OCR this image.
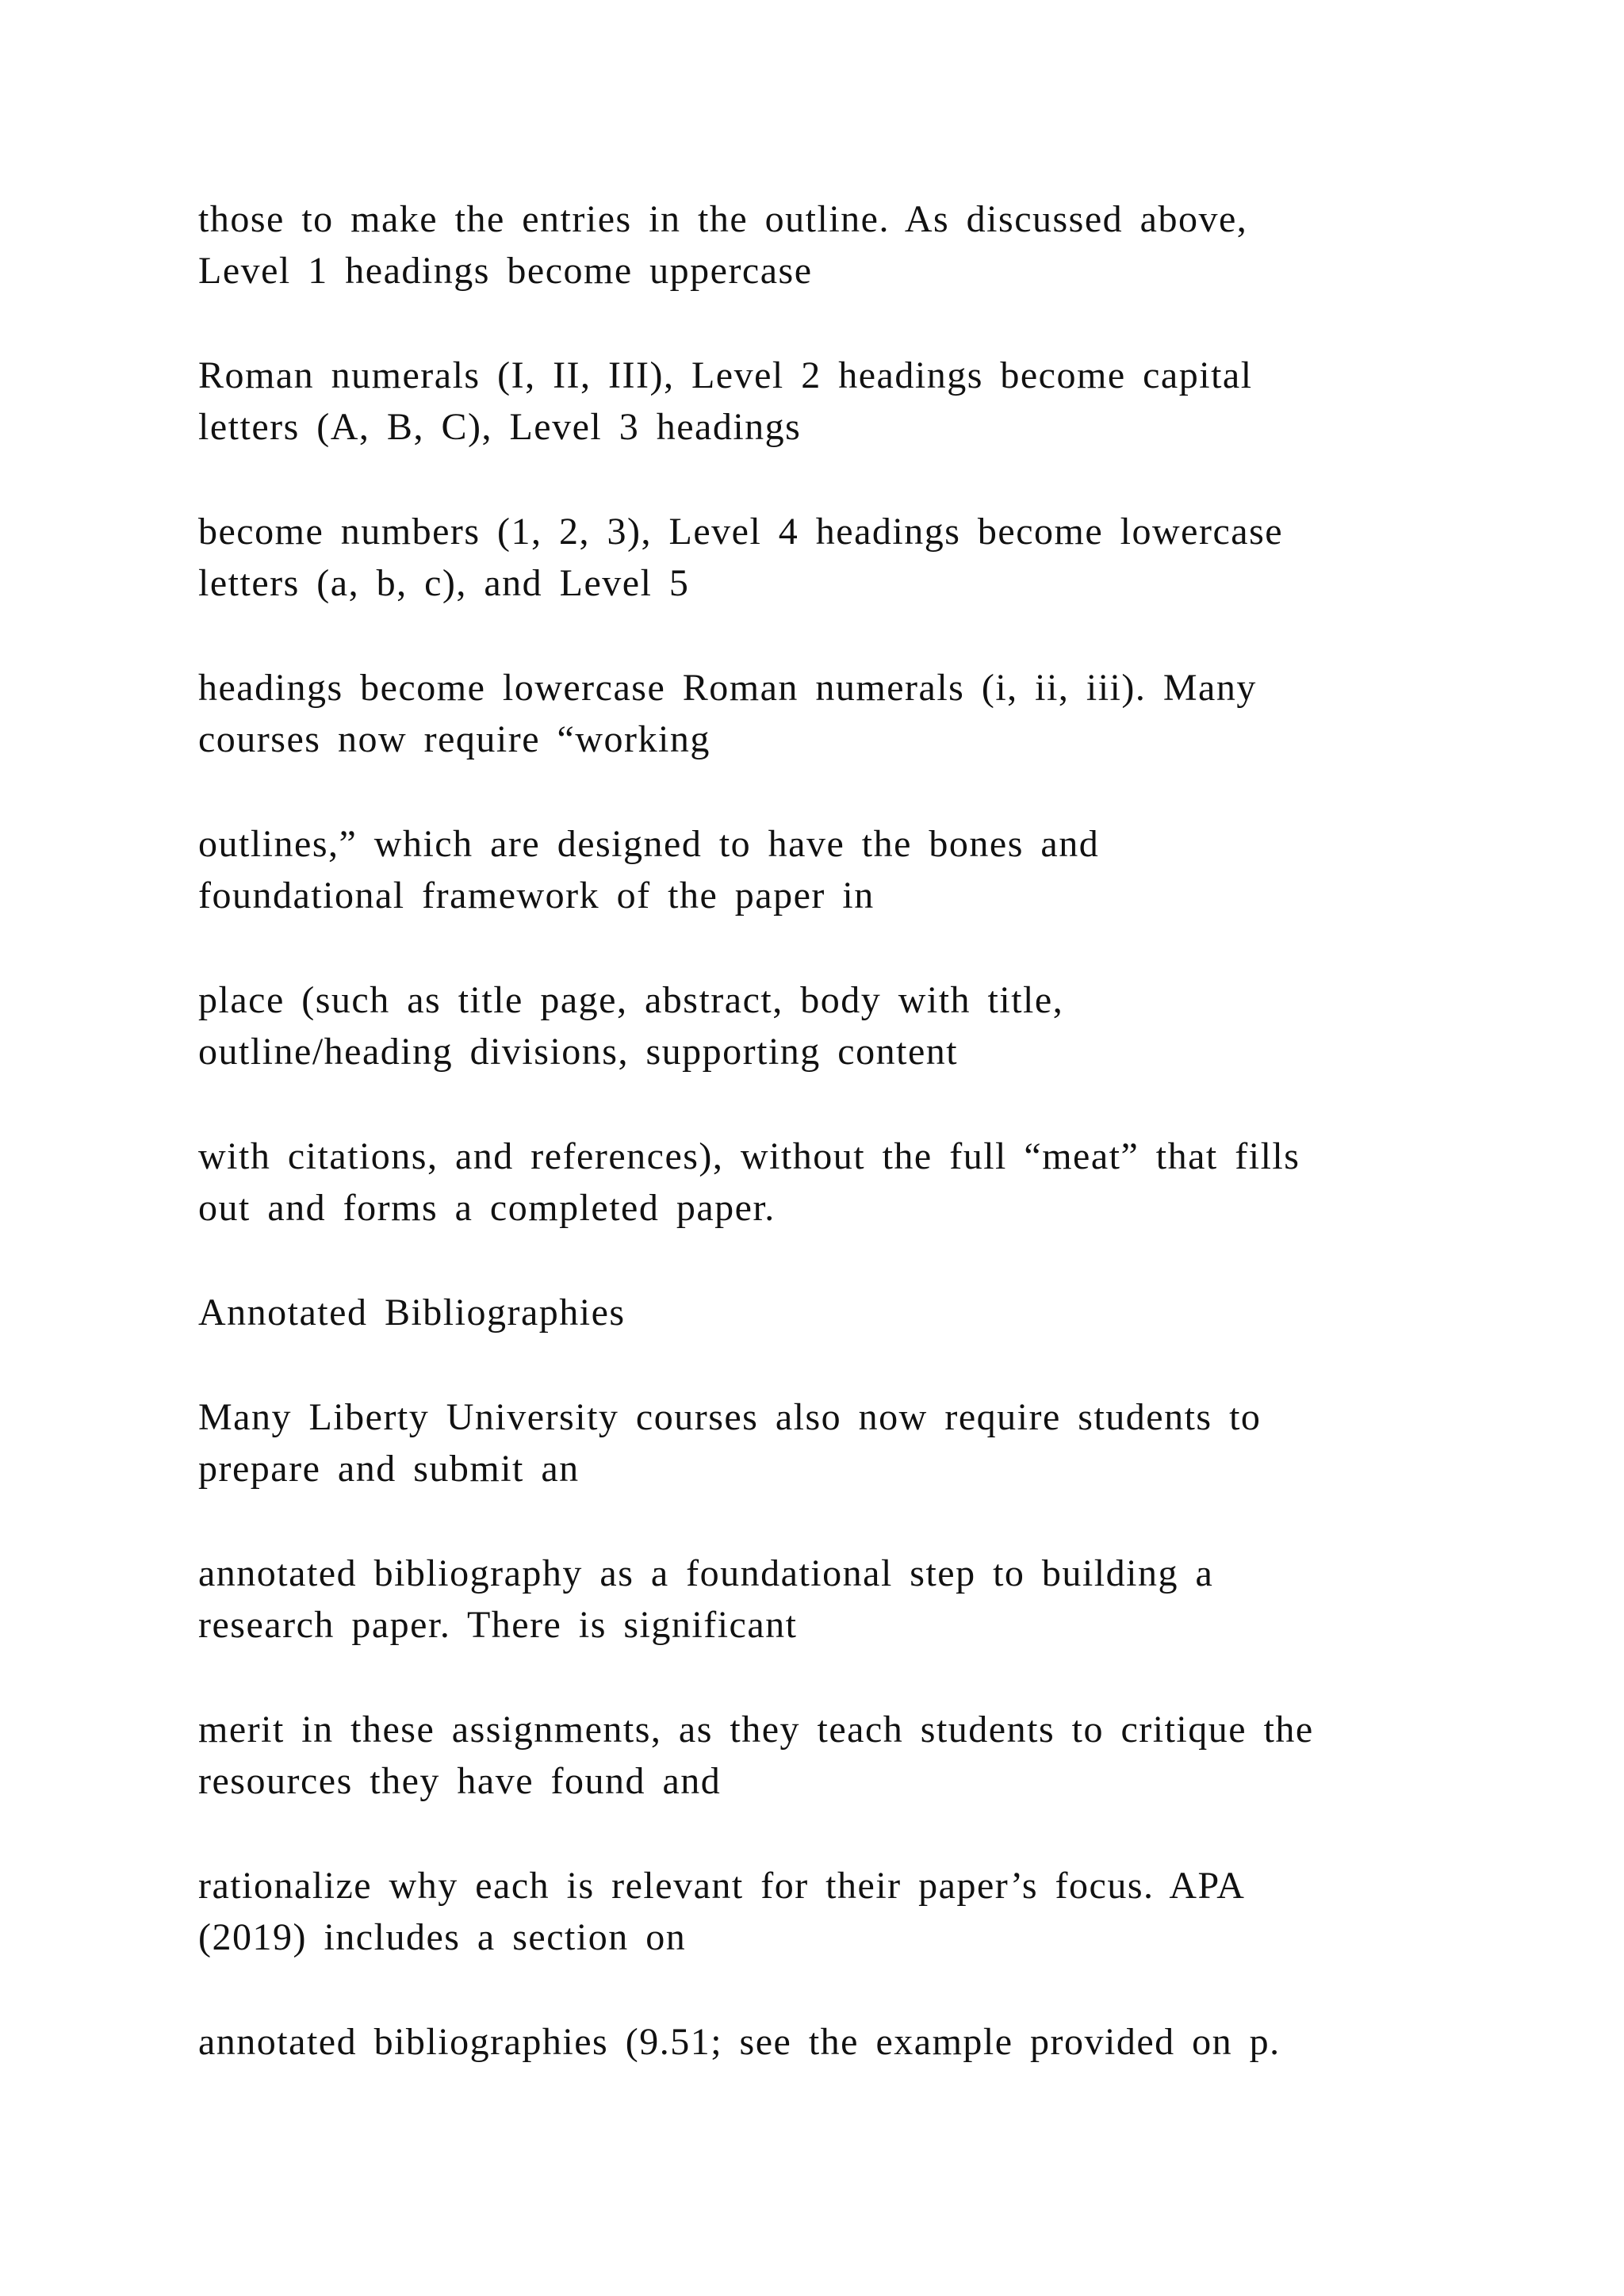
those to make the entries in the outline. As discussed above,
Level 1 headings become uppercase

Roman numerals (I, II, III), Level 2 headings become capital
letters (A, B, C), Level 3 headings

become numbers (1, 2, 3), Level 4 headings become lowercase
letters (a, b, c), and Level 5

headings become lowercase Roman numerals (i, ii, iii). Many
courses now require “working

outlines,” which are designed to have the bones and
foundational framework of the paper in

place (such as title page, abstract, body with title,
outline/heading divisions, supporting content

with citations, and references), without the full “meat” that fills
out and forms a completed paper.

Annotated Bibliographies

Many Liberty University courses also now require students to
prepare and submit an

annotated bibliography as a foundational step to building a
research paper. There is significant

merit in these assignments, as they teach students to critique the
resources they have found and

rationalize why each is relevant for their paper’s focus. APA
(2019) includes a section on

annotated bibliographies (9.51; see the example provided on p.
